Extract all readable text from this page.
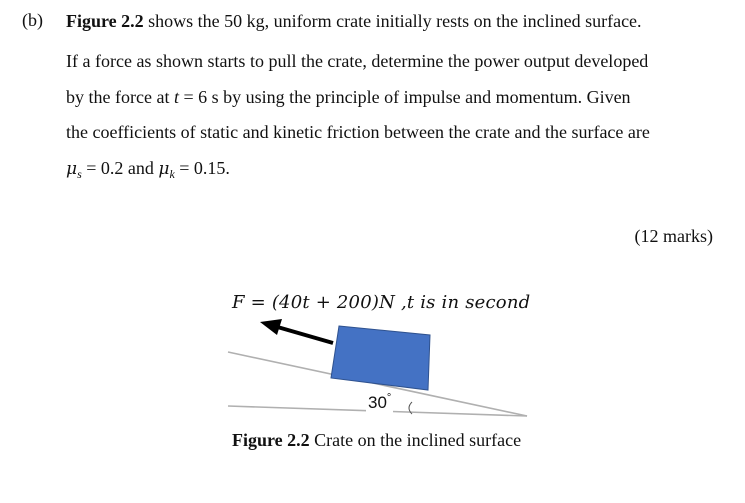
(b) Figure 2.2 shows the 50 kg, uniform crate initially rests on the inclined surface.
If a force as shown starts to pull the crate, determine the power output developed
by the force at t = 6 s by using the principle of impulse and momentum. Given
the coefficients of static and kinetic friction between the crate and the surface are
$\mu_s = 0.2$ and $\mu_k = 0.15$.
(12 marks)
F = (40t + 200)N ,t is in second
30°
Figure 2.2 Crate on the inclined surface
